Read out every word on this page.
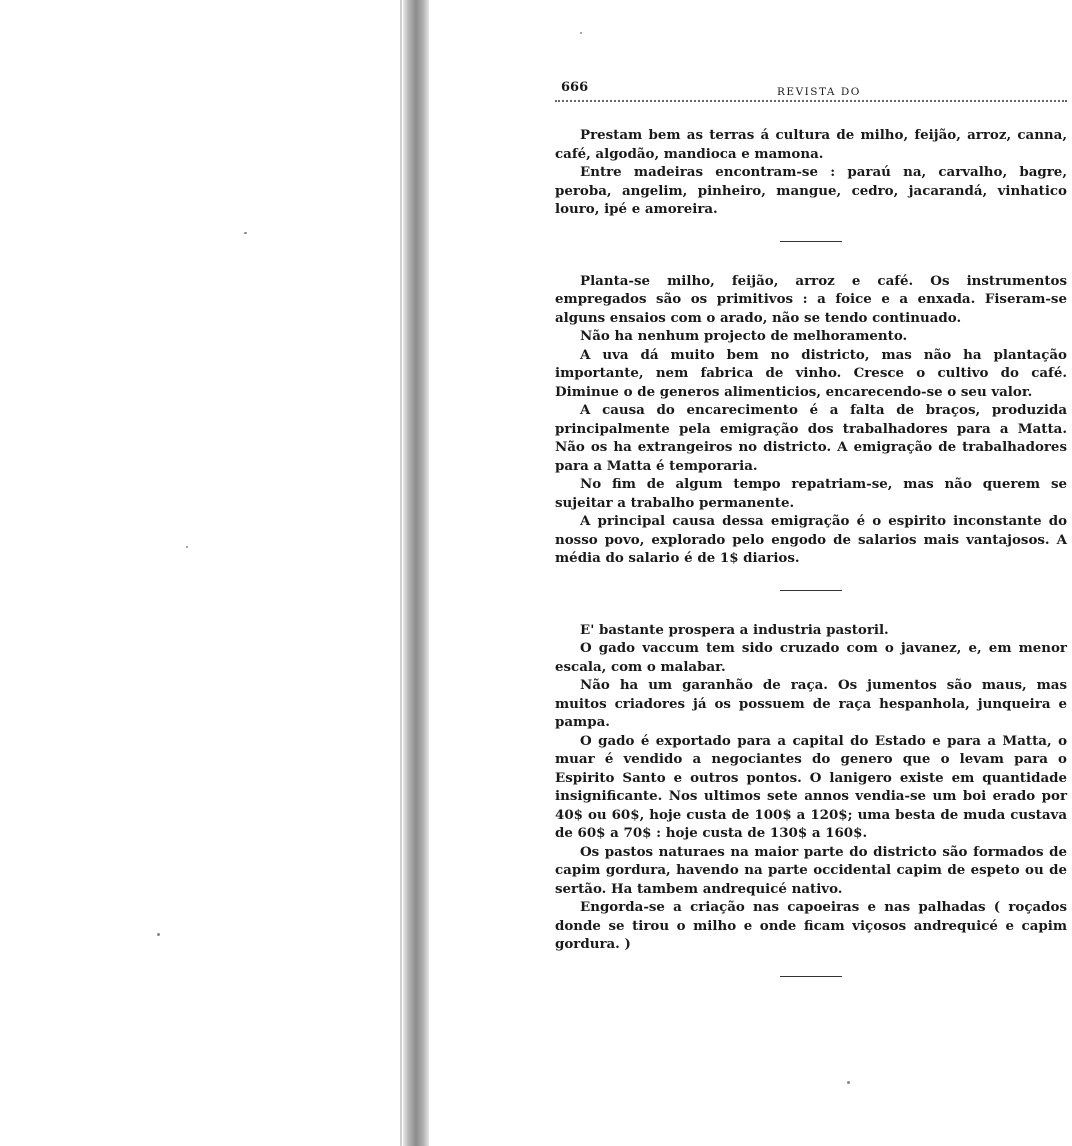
666	REVISTA DO

Prestam bem as terras á cultura de milho, feijão, arroz, canna, café, algodão, mandioca e mamona.

Entre madeiras encontram-se : paraú na, carvalho, bagre, peroba, angelim, pinheiro, mangue, cedro, jacarandá, vinhatico louro, ipé e amoreira.

Planta-se milho, feijão, arroz e café. Os instrumentos empregados são os primitivos : a foice e a enxada. Fiseram-se alguns ensaios com o arado, não se tendo continuado.

Não ha nenhum projecto de melhoramento.

A uva dá muito bem no districto, mas não ha plantação importante, nem fabrica de vinho. Cresce o cultivo do café. Diminue o de generos alimenticios, encarecendo-se o seu valor.

A causa do encarecimento é a falta de braços, produzida principalmente pela emigração dos trabalhadores para a Matta. Não os ha extrangeiros no districto. A emigração de trabalhadores para a Matta é temporaria.

No fim de algum tempo repatriam-se, mas não querem se sujeitar a trabalho permanente.

A principal causa dessa emigração é o espirito inconstante do nosso povo, explorado pelo engodo de salarios mais vantajosos. A média do salario é de 1$ diarios.

E' bastante prospera a industria pastoril.

O gado vaccum tem sido cruzado com o javanez, e, em menor escala, com o malabar.

Não ha um garanhão de raça. Os jumentos são maus, mas muitos criadores já os possuem de raça hespanhola, junqueira e pampa.

O gado é exportado para a capital do Estado e para a Matta, o muar é vendido a negociantes do genero que o levam para o Espirito Santo e outros pontos. O lanigero existe em quantidade insignificante. Nos ultimos sete annos vendia-se um boi erado por 40$ ou 60$, hoje custa de 100$ a 120$; uma besta de muda custava de 60$ a 70$ : hoje custa de 130$ a 160$.

Os pastos naturaes na maior parte do districto são formados de capim gordura, havendo na parte occidental capim de espeto ou de sertão. Ha tambem andrequicé nativo.

Engorda-se a criação nas capoeiras e nas palhadas ( roçados donde se tirou o milho e onde ficam viçosos andrequicé e capim gordura. )
